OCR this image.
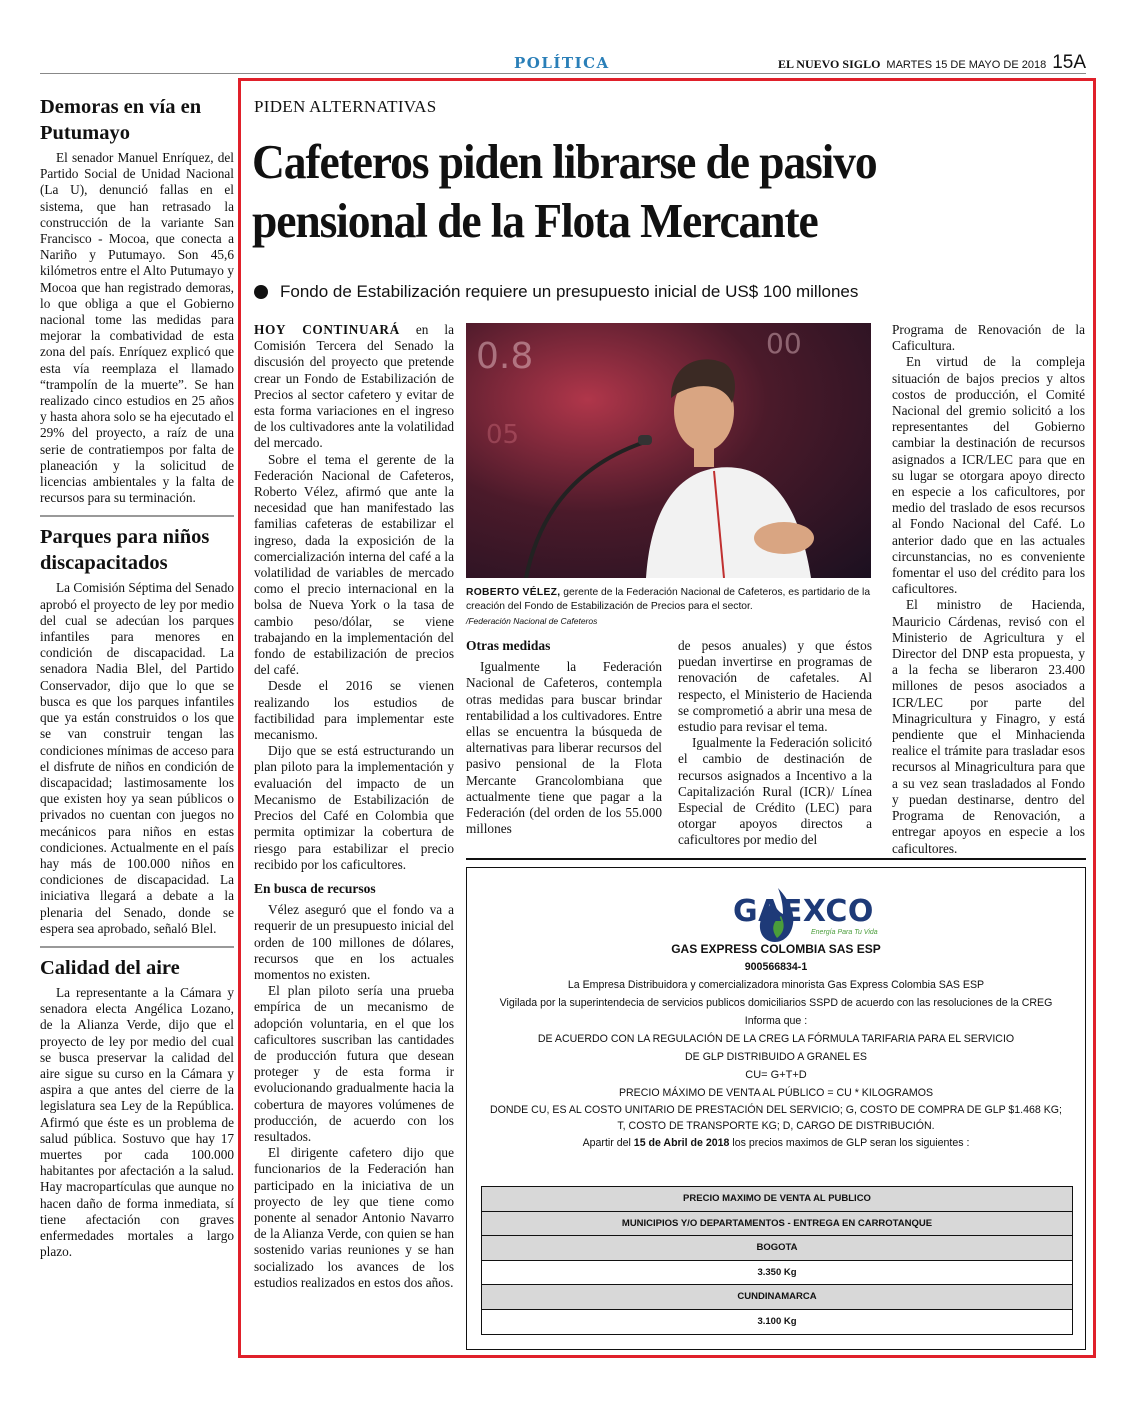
POLÍTICA	EL NUEVO SIGLO MARTES 15 DE MAYO DE 2018 15A
Demoras en vía en Putumayo

El senador Manuel Enríquez, del Partido Social de Unidad Nacional (La U), denunció fallas en el sistema, que han retrasado la construcción de la variante San Francisco - Mocoa, que conecta a Nariño y Putumayo. Son 45,6 kilómetros entre el Alto Putumayo y Mocoa que han registrado demoras, lo que obliga a que el Gobierno nacional tome las medidas para mejorar la combatividad de esta zona del país. Enríquez explicó que esta vía reemplaza el llamado “trampolín de la muerte”. Se han realizado cinco estudios en 25 años y hasta ahora solo se ha ejecutado el 29% del proyecto, a raíz de una serie de contratiempos por falta de planeación y la solicitud de licencias ambientales y la falta de recursos para su terminación.

Parques para niños discapacitados

La Comisión Séptima del Senado aprobó el proyecto de ley por medio del cual se adecúan los parques infantiles para menores en condición de discapacidad. La senadora Nadia Blel, del Partido Conservador, dijo que lo que se busca es que los parques infantiles que ya están construidos o los que se van construir tengan las condiciones mínimas de acceso para el disfrute de niños en condición de discapacidad; lastimosamente los que existen hoy ya sean públicos o privados no cuentan con juegos no mecánicos para niños en estas condiciones. Actualmente en el país hay más de 100.000 niños en condiciones de discapacidad. La iniciativa llegará a debate a la plenaria del Senado, donde se espera sea aprobado, señaló Blel.

Calidad del aire

La representante a la Cámara y senadora electa Angélica Lozano, de la Alianza Verde, dijo que el proyecto de ley por medio del cual se busca preservar la calidad del aire sigue su curso en la Cámara y aspira a que antes del cierre de la legislatura sea Ley de la República. Afirmó que éste es un problema de salud pública. Sostuvo que hay 17 muertes por cada 100.000 habitantes por afectación a la salud. Hay macropartículas que aunque no hacen daño de forma inmediata, sí tiene afectación con graves enfermedades mortales a largo plazo.

PIDEN ALTERNATIVAS
Cafeteros piden librarse de pasivo
pensional de la Flota Mercante
Fondo de Estabilización requiere un presupuesto inicial de US$ 100 millones

HOY CONTINUARÁ en la Comisión Tercera del Senado la discusión del proyecto que pretende crear un Fondo de Estabilización de Precios al sector cafetero y evitar de esta forma variaciones en el ingreso de los cultivadores ante la volatilidad del mercado.

Sobre el tema el gerente de la Federación Nacional de Cafeteros, Roberto Vélez, afirmó que ante la necesidad que han manifestado las familias cafeteras de estabilizar el ingreso, dada la exposición de la comercialización interna del café a la volatilidad de variables de mercado como el precio internacional en la bolsa de Nueva York o la tasa de cambio peso/dólar, se viene trabajando en la implementación del fondo de estabilización de precios del café.

Desde el 2016 se vienen realizando los estudios de factibilidad para implementar este mecanismo.

Dijo que se está estructurando un plan piloto para la implementación y evaluación del impacto de un Mecanismo de Estabilización de Precios del Café en Colombia que permita optimizar la cobertura de riesgo para estabilizar el precio recibido por los caficultores.

En busca de recursos

Vélez aseguró que el fondo va a requerir de un presupuesto inicial del orden de 100 millones de dólares, recursos que en los actuales momentos no existen.

El plan piloto sería una prueba empírica de un mecanismo de adopción voluntaria, en el que los caficultores suscriban las cantidades de producción futura que desean proteger y de esta forma ir evolucionando gradualmente hacia la cobertura de mayores volúmenes de producción, de acuerdo con los resultados.

El dirigente cafetero dijo que funcionarios de la Federación han participado en la iniciativa de un proyecto de ley que tiene como ponente al senador Antonio Navarro de la Alianza Verde, con quien se han sostenido varias reuniones y se han socializado los avances de los estudios realizados en estos dos años.

0.8	00
05
ROBERTO VÉLEZ, gerente de la Federación Nacional de Cafeteros, es partidario de la creación del Fondo de Estabilización de Precios para el sector.
/Federación Nacional de Cafeteros
Otras medidas

Igualmente la Federación Nacional de Cafeteros, contempla otras medidas para buscar brindar rentabilidad a los cultivadores. Entre ellas se encuentra la búsqueda de alternativas para liberar recursos del pasivo pensional de la Flota Mercante Grancolombiana que actualmente tiene que pagar a la Federación (del orden de los 55.000 millones

de pesos anuales) y que éstos puedan invertirse en programas de renovación de cafetales. Al respecto, el Ministerio de Hacienda se comprometió a abrir una mesa de estudio para revisar el tema.

Igualmente la Federación solicitó el cambio de destinación de recursos asignados a Incentivo a la Capitalización Rural (ICR)/ Línea Especial de Crédito (LEC) para otorgar apoyos directos a caficultores por medio del

Programa de Renovación de la Caficultura.

En virtud de la compleja situación de bajos precios y altos costos de producción, el Comité Nacional del gremio solicitó a los representantes del Gobierno cambiar la destinación de recursos asignados a ICR/LEC para que en su lugar se otorgara apoyo directo en especie a los caficultores, por medio del traslado de esos recursos al Fondo Nacional del Café. Lo anterior dado que en las actuales circunstancias, no es conveniente fomentar el uso del crédito para los caficultores.

El ministro de Hacienda, Mauricio Cárdenas, revisó con el Ministerio de Agricultura y el Director del DNP esta propuesta, y a la fecha se liberaron 23.400 millones de pesos asociados a ICR/LEC por parte del Minagricultura y Finagro, y está pendiente que el Minhacienda realice el trámite para trasladar esos recursos al Minagricultura para que a su vez sean trasladados al Fondo y puedan destinarse, dentro del Programa de Renovación, a entregar apoyos en especie a los caficultores.

GAEXCO
Energía Para Tu Vida
GAS EXPRESS COLOMBIA SAS ESP
900566834-1
La Empresa Distribuidora y comercializadora minorista Gas Express Colombia SAS ESP
Vigilada por la superintendecia de servicios publicos domiciliarios SSPD de acuerdo con las resoluciones de la CREG
Informa que :
DE ACUERDO CON LA REGULACIÓN DE LA CREG LA FÓRMULA TARIFARIA PARA EL SERVICIO
DE GLP DISTRIBUIDO A GRANEL ES
CU= G+T+D
PRECIO MÁXIMO DE VENTA AL PÚBLICO = CU * KILOGRAMOS
DONDE CU, ES AL COSTO UNITARIO DE PRESTACIÓN DEL SERVICIO; G, COSTO DE COMPRA DE GLP $1.468 KG; T, COSTO DE TRANSPORTE KG; D, CARGO DE DISTRIBUCIÓN.
Apartir del 15 de Abril de 2018 los precios maximos de GLP seran los siguientes :
PRECIO MAXIMO DE VENTA AL PUBLICO
MUNICIPIOS Y/O DEPARTAMENTOS - ENTREGA EN CARROTANQUE
BOGOTA
3.350 Kg
CUNDINAMARCA
3.100 Kg
